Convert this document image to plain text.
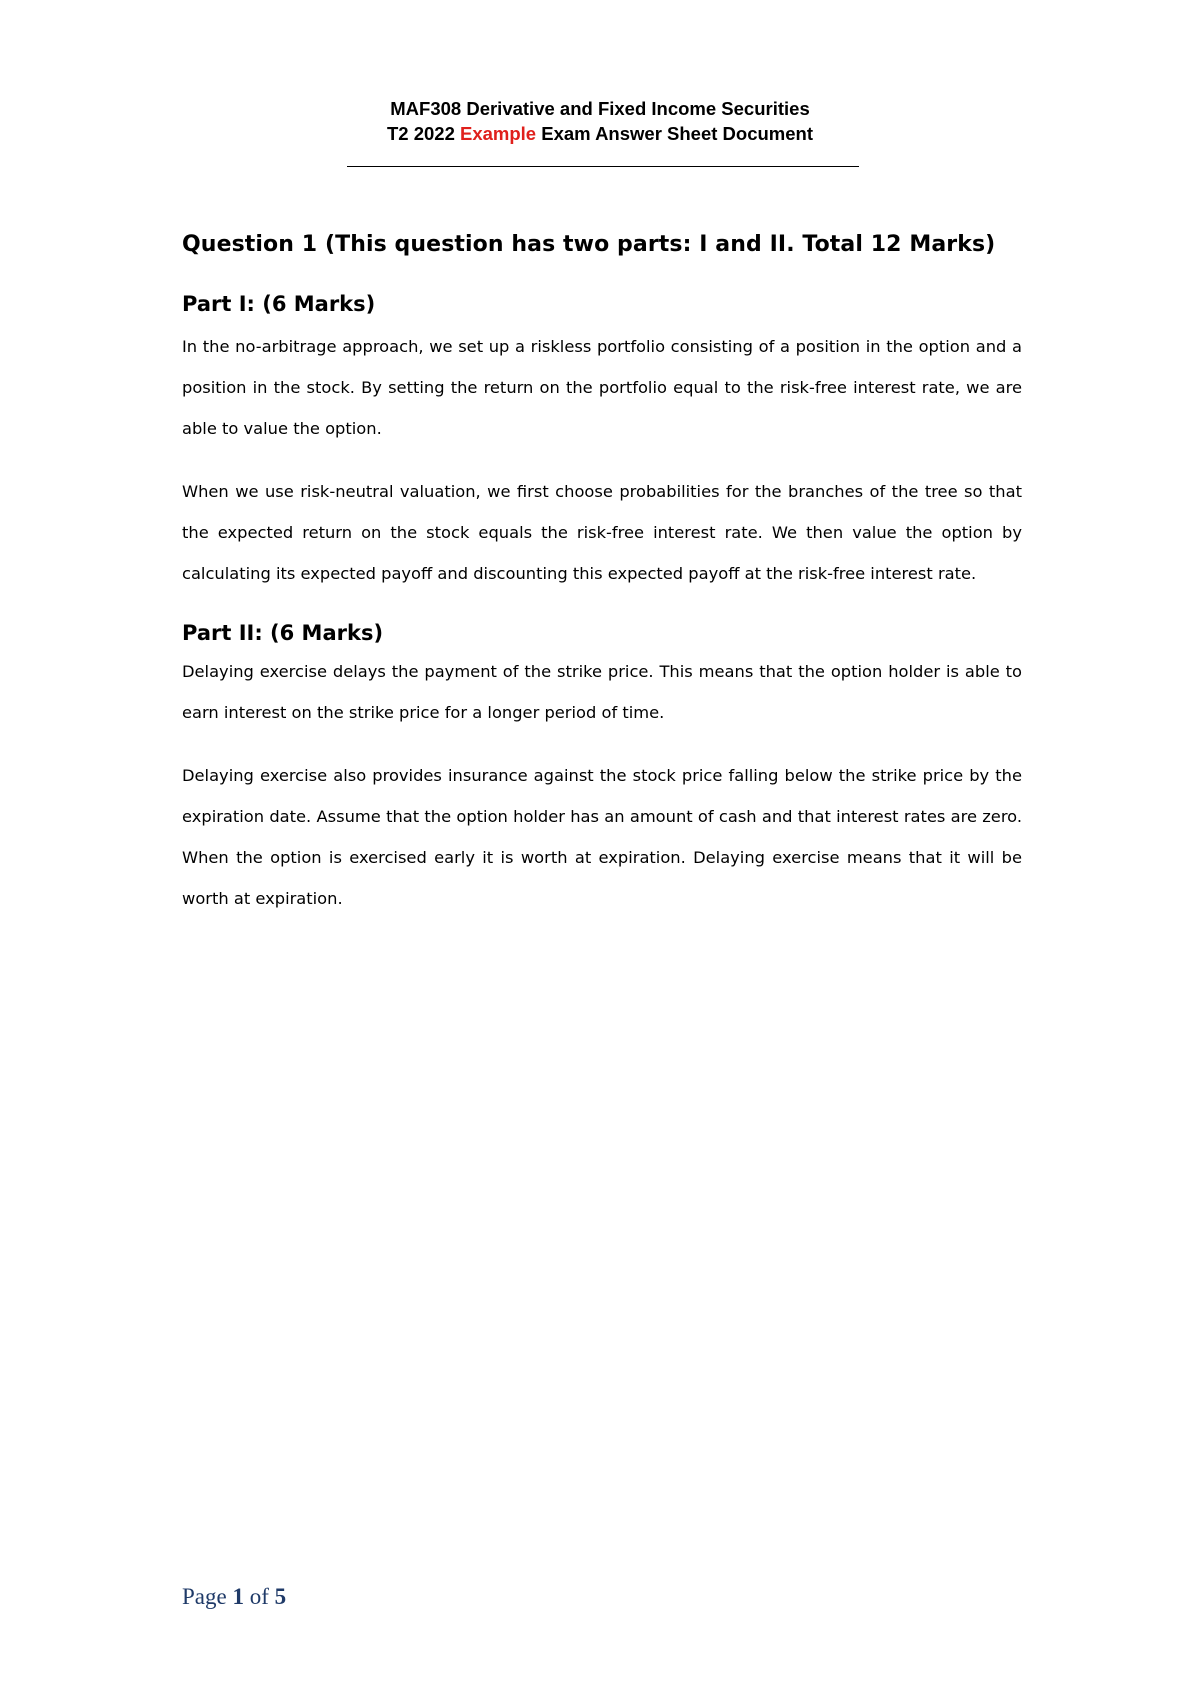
MAF308 Derivative and Fixed Income Securities
T2 2022 Example Exam Answer Sheet Document
Question 1 (This question has two parts: I and II. Total 12 Marks)
Part I: (6 Marks)

In the no-arbitrage approach, we set up a riskless portfolio consisting of a position in the option and a position in the stock. By setting the return on the portfolio equal to the risk-free interest rate, we are able to value the option.

When we use risk-neutral valuation, we first choose probabilities for the branches of the tree so that the expected return on the stock equals the risk-free interest rate. We then value the option by calculating its expected payoff and discounting this expected payoff at the risk-free interest rate.

Part II: (6 Marks)

Delaying exercise delays the payment of the strike price. This means that the option holder is able to earn interest on the strike price for a longer period of time.

Delaying exercise also provides insurance against the stock price falling below the strike price by the expiration date. Assume that the option holder has an amount of cash and that interest rates are zero. When the option is exercised early it is worth at expiration. Delaying exercise means that it will be worth at expiration.

Page 1 of 5
